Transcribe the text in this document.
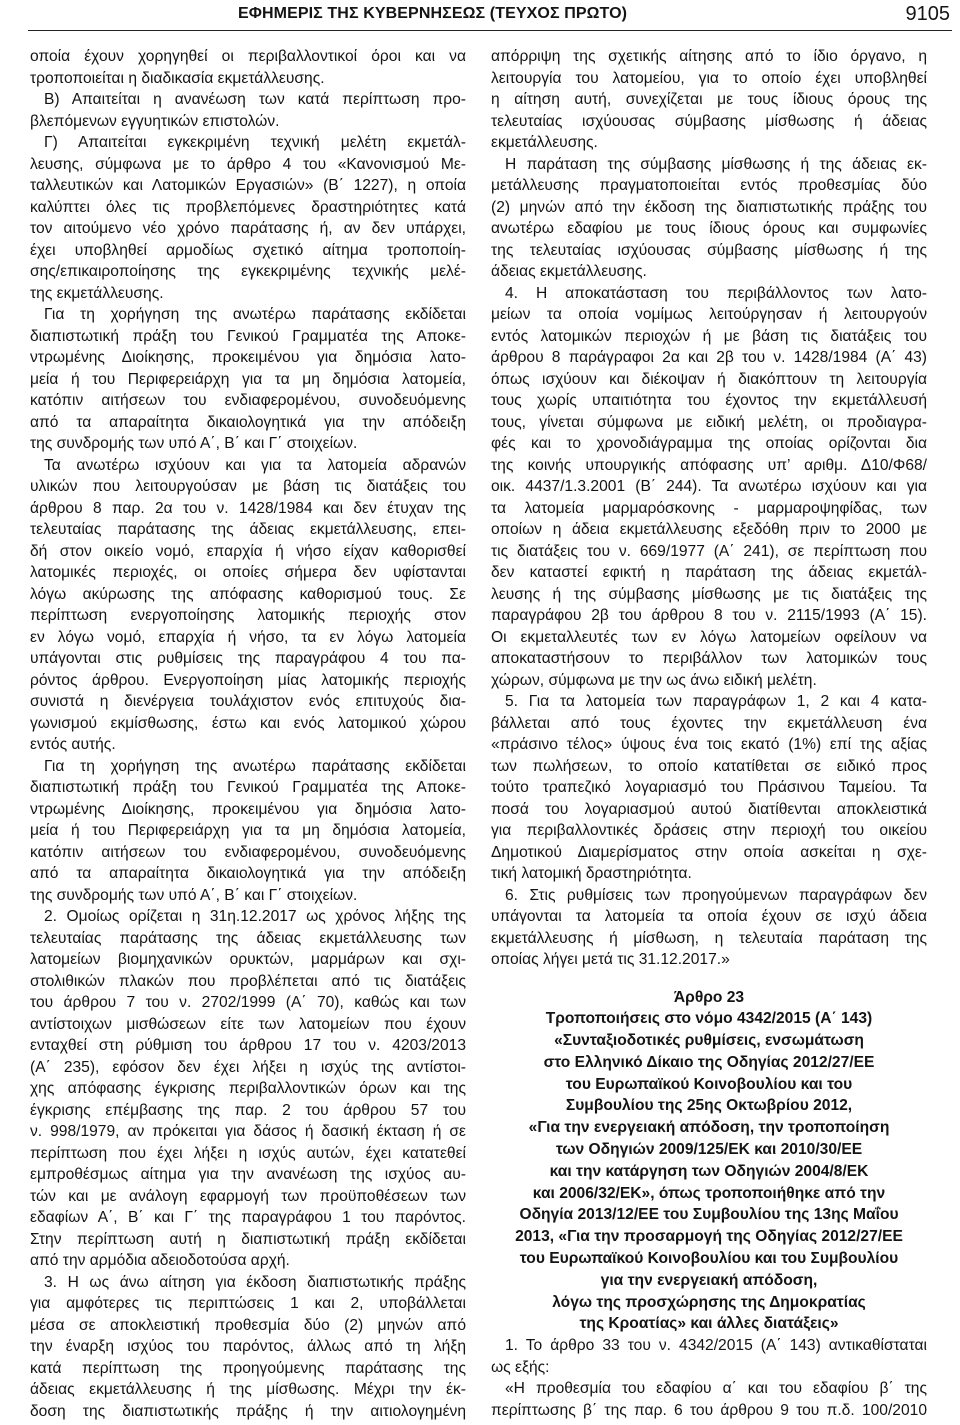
ΕΦΗΜΕΡΙΣ ΤΗΣ ΚΥΒΕΡΝΗΣΕΩΣ (ΤΕΥΧΟΣ ΠΡΩΤΟ)	9105
οποία έχουν χορηγηθεί οι περιβαλλοντικοί όροι και να
τροποποιείται η διαδικασία εκμετάλλευσης.
Β) Απαιτείται η ανανέωση των κατά περίπτωση προ-
βλεπόμενων εγγυητικών επιστολών.
Γ) Απαιτείται εγκεκριμένη τεχνική μελέτη εκμετάλ-
λευσης, σύμφωνα με το άρθρο 4 του «Κανονισμού Με-
ταλλευτικών και Λατομικών Εργασιών» (Β΄ 1227), η οποία
καλύπτει όλες τις προβλεπόμενες δραστηριότητες κατά
τον αιτούμενο νέο χρόνο παράτασης ή, αν δεν υπάρχει,
έχει υποβληθεί αρμοδίως σχετικό αίτημα τροποποίη-
σης/επικαιροποίησης της εγκεκριμένης τεχνικής μελέ-
της εκμετάλλευσης.
Για τη χορήγηση της ανωτέρω παράτασης εκδίδεται
διαπιστωτική πράξη του Γενικού Γραμματέα της Αποκε-
ντρωμένης Διοίκησης, προκειμένου για δημόσια λατο-
μεία ή του Περιφερειάρχη για τα μη δημόσια λατομεία,
κατόπιν αιτήσεων του ενδιαφερομένου, συνοδευόμενης
από τα απαραίτητα δικαιολογητικά για την απόδειξη
της συνδρομής των υπό Α΄, Β΄ και Γ΄ στοιχείων.
Τα ανωτέρω ισχύουν και για τα λατομεία αδρανών
υλικών που λειτουργούσαν με βάση τις διατάξεις του
άρθρου 8 παρ. 2α του ν. 1428/1984 και δεν έτυχαν της
τελευταίας παράτασης της άδειας εκμετάλλευσης, επει-
δή στον οικείο νομό, επαρχία ή νήσο είχαν καθορισθεί
λατομικές περιοχές, οι οποίες σήμερα δεν υφίστανται
λόγω ακύρωσης της απόφασης καθορισμού τους. Σε
περίπτωση ενεργοποίησης λατομικής περιοχής στον
εν λόγω νομό, επαρχία ή νήσο, τα εν λόγω λατομεία
υπάγονται στις ρυθμίσεις της παραγράφου 4 του πα-
ρόντος άρθρου. Ενεργοποίηση μίας λατομικής περιοχής
συνιστά η διενέργεια τουλάχιστον ενός επιτυχούς δια-
γωνισμού εκμίσθωσης, έστω και ενός λατομικού χώρου
εντός αυτής.
Για τη χορήγηση της ανωτέρω παράτασης εκδίδεται
διαπιστωτική πράξη του Γενικού Γραμματέα της Αποκε-
ντρωμένης Διοίκησης, προκειμένου για δημόσια λατο-
μεία ή του Περιφερειάρχη για τα μη δημόσια λατομεία,
κατόπιν αιτήσεων του ενδιαφερομένου, συνοδευόμενης
από τα απαραίτητα δικαιολογητικά για την απόδειξη
της συνδρομής των υπό Α΄, Β΄ και Γ΄ στοιχείων.
2. Ομοίως ορίζεται η 31η.12.2017 ως χρόνος λήξης της
τελευταίας παράτασης της άδειας εκμετάλλευσης των
λατομείων βιομηχανικών ορυκτών, μαρμάρων και σχι-
στολιθικών πλακών που προβλέπεται από τις διατάξεις
του άρθρου 7 του ν. 2702/1999 (Α΄ 70), καθώς και των
αντίστοιχων μισθώσεων είτε των λατομείων που έχουν
ενταχθεί στη ρύθμιση του άρθρου 17 του ν. 4203/2013
(Α΄ 235), εφόσον δεν έχει λήξει η ισχύς της αντίστοι-
χης απόφασης έγκρισης περιβαλλοντικών όρων και της
έγκρισης επέμβασης της παρ. 2 του άρθρου 57 του
ν. 998/1979, αν πρόκειται για δάσος ή δασική έκταση ή σε
περίπτωση που έχει λήξει η ισχύς αυτών, έχει κατατεθεί
εμπροθέσμως αίτημα για την ανανέωση της ισχύος αυ-
τών και με ανάλογη εφαρμογή των προϋποθέσεων των
εδαφίων Α΄, Β΄ και Γ΄ της παραγράφου 1 του παρόντος.
Στην περίπτωση αυτή η διαπιστωτική πράξη εκδίδεται
από την αρμόδια αδειοδοτούσα αρχή.
3. Η ως άνω αίτηση για έκδοση διαπιστωτικής πράξης
για αμφότερες τις περιπτώσεις 1 και 2, υποβάλλεται
μέσα σε αποκλειστική προθεσμία δύο (2) μηνών από
την έναρξη ισχύος του παρόντος, άλλως από τη λήξη
κατά περίπτωση της προηγούμενης παράτασης της
άδειας εκμετάλλευσης ή της μίσθωσης. Μέχρι την έκ-
δοση της διαπιστωτικής πράξης ή την αιτιολογημένη
απόρριψη της σχετικής αίτησης από το ίδιο όργανο, η
λειτουργία του λατομείου, για το οποίο έχει υποβληθεί
η αίτηση αυτή, συνεχίζεται με τους ίδιους όρους της
τελευταίας ισχύουσας σύμβασης μίσθωσης ή άδειας
εκμετάλλευσης.
Η παράταση της σύμβασης μίσθωσης ή της άδειας εκ-
μετάλλευσης πραγματοποιείται εντός προθεσμίας δύο
(2) μηνών από την έκδοση της διαπιστωτικής πράξης του
ανωτέρω εδαφίου με τους ίδιους όρους και συμφωνίες
της τελευταίας ισχύουσας σύμβασης μίσθωσης ή της
άδειας εκμετάλλευσης.
4. Η αποκατάσταση του περιβάλλοντος των λατο-
μείων τα οποία νομίμως λειτούργησαν ή λειτουργούν
εντός λατομικών περιοχών ή με βάση τις διατάξεις του
άρθρου 8 παράγραφοι 2α και 2β του ν. 1428/1984 (Α΄ 43)
όπως ισχύουν και διέκοψαν ή διακόπτουν τη λειτουργία
τους χωρίς υπαιτιότητα του έχοντος την εκμετάλλευσή
τους, γίνεται σύμφωνα με ειδική μελέτη, οι προδιαγρα-
φές και το χρονοδιάγραμμα της οποίας ορίζονται δια
της κοινής υπουργικής απόφασης υπ’ αριθμ. Δ10/Φ68/
οικ. 4437/1.3.2001 (Β΄ 244). Τα ανωτέρω ισχύουν και για
τα λατομεία μαρμαρόσκονης - μαρμαροψηφίδας, των
οποίων η άδεια εκμετάλλευσης εξεδόθη πριν το 2000 με
τις διατάξεις του ν. 669/1977 (Α΄ 241), σε περίπτωση που
δεν καταστεί εφικτή η παράταση της άδειας εκμετάλ-
λευσης ή της σύμβασης μίσθωσης με τις διατάξεις της
παραγράφου 2β του άρθρου 8 του ν. 2115/1993 (Α΄ 15).
Οι εκμεταλλευτές των εν λόγω λατομείων οφείλουν να
αποκαταστήσουν το περιβάλλον των λατομικών τους
χώρων, σύμφωνα με την ως άνω ειδική μελέτη.
5. Για τα λατομεία των παραγράφων 1, 2 και 4 κατα-
βάλλεται από τους έχοντες την εκμετάλλευση ένα
«πράσινο τέλος» ύψους ένα τοις εκατό (1%) επί της αξίας
των πωλήσεων, το οποίο κατατίθεται σε ειδικό προς
τούτο τραπεζικό λογαριασμό του Πράσινου Ταμείου. Τα
ποσά του λογαριασμού αυτού διατίθενται αποκλειστικά
για περιβαλλοντικές δράσεις στην περιοχή του οικείου
Δημοτικού Διαμερίσματος στην οποία ασκείται η σχε-
τική λατομική δραστηριότητα.
6. Στις ρυθμίσεις των προηγούμενων παραγράφων δεν
υπάγονται τα λατομεία τα οποία έχουν σε ισχύ άδεια
εκμετάλλευσης ή μίσθωση, η τελευταία παράταση της
οποίας λήγει μετά τις 31.12.2017.»
Άρθρο 23
Τροποποιήσεις στο νόμο 4342/2015 (Α΄ 143)
«Συνταξιοδοτικές ρυθμίσεις, ενσωμάτωση
στο Ελληνικό Δίκαιο της Οδηγίας 2012/27/ΕΕ
του Ευρωπαϊκού Κοινοβουλίου και του
Συμβουλίου της 25ης Οκτωβρίου 2012,
«Για την ενεργειακή απόδοση, την τροποποίηση
των Οδηγιών 2009/125/ΕΚ και 2010/30/ΕΕ
και την κατάργηση των Οδηγιών 2004/8/ΕΚ
και 2006/32/ΕΚ», όπως τροποποιήθηκε από την
Οδηγία 2013/12/ΕΕ του Συμβουλίου της 13ης Μαΐου
2013, «Για την προσαρμογή της Οδηγίας 2012/27/ΕΕ
του Ευρωπαϊκού Κοινοβουλίου και του Συμβουλίου
για την ενεργειακή απόδοση,
λόγω της προσχώρησης της Δημοκρατίας
της Κροατίας» και άλλες διατάξεις»
1. Το άρθρο 33 του ν. 4342/2015 (Α΄ 143) αντικαθίσταται
ως εξής:
«Η προθεσμία του εδαφίου α΄ και του εδαφίου β΄ της
περίπτωσης β΄ της παρ. 6 του άρθρου 9 του π.δ. 100/2010
